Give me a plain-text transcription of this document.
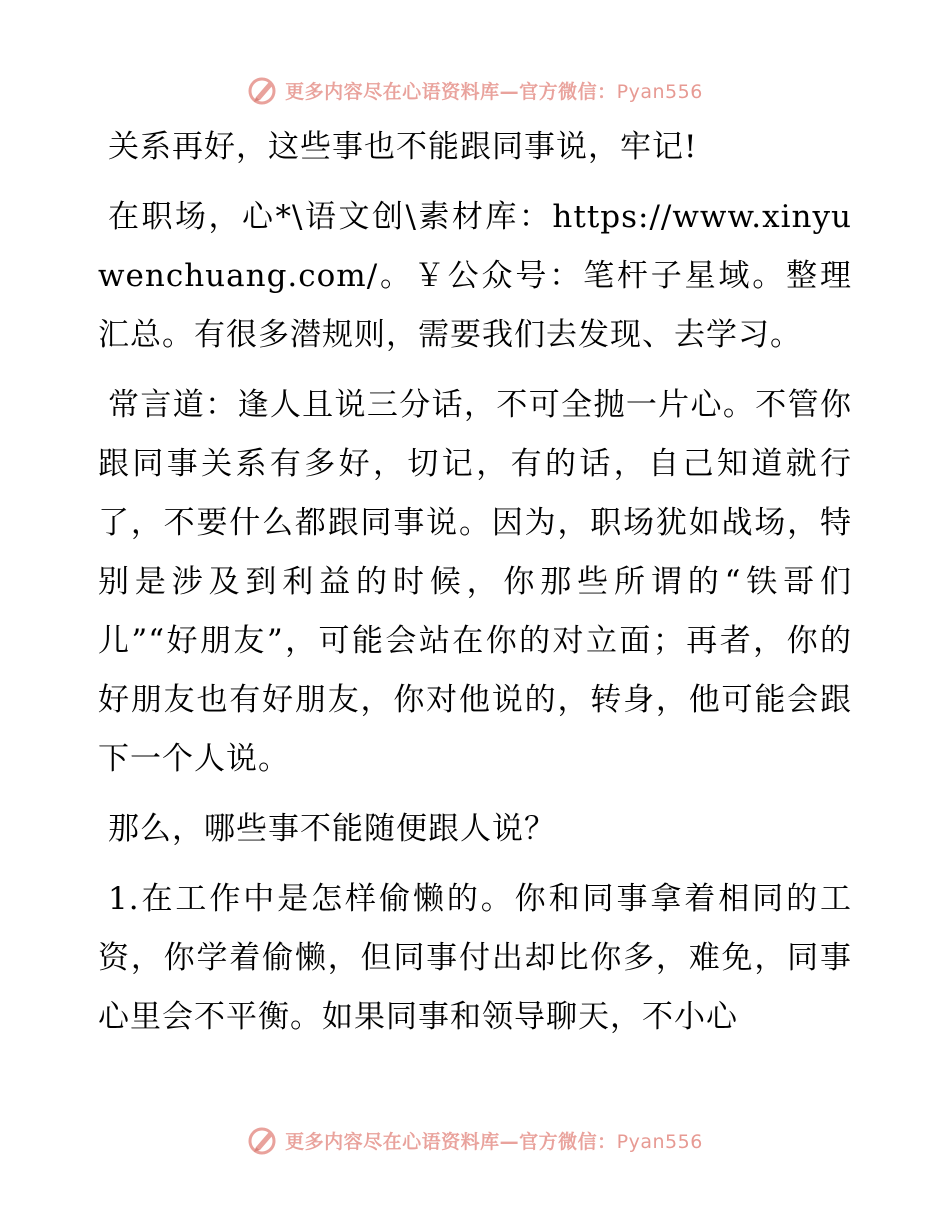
更多内容尽在心语资料库—官方微信：Pyan556

关系再好，这些事也不能跟同事说，牢记!

在职场，心*\语文创\素材库：https://www.xinyuwenchuang.com/。￥公众号：笔杆子星域。整理汇总。有很多潜规则，需要我们去发现、去学习。

常言道：逢人且说三分话，不可全抛一片心。不管你跟同事关系有多好，切记，有的话，自己知道就行了，不要什么都跟同事说。因为，职场犹如战场，特别是涉及到利益的时候，你那些所谓的“铁哥们儿”“好朋友”，可能会站在你的对立面；再者，你的好朋友也有好朋友，你对他说的，转身，他可能会跟下一个人说。

那么，哪些事不能随便跟人说？

1.在工作中是怎样偷懒的。你和同事拿着相同的工资，你学着偷懒，但同事付出却比你多，难免，同事心里会不平衡。如果同事和领导聊天，不小心

更多内容尽在心语资料库—官方微信：Pyan556
